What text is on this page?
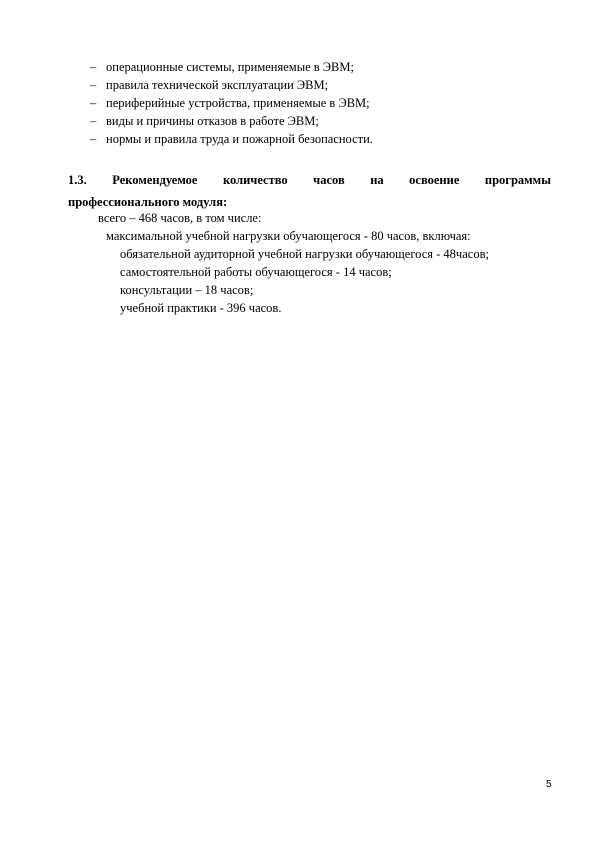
– операционные системы, применяемые в ЭВМ;
– правила технической эксплуатации ЭВМ;
– периферийные устройства, применяемые в ЭВМ;
– виды и причины отказов в работе ЭВМ;
– нормы и правила труда и пожарной безопасности.
1.3. Рекомендуемое количество часов на освоение программы
профессионального модуля:
всего – 468 часов, в том числе:
максимальной учебной нагрузки обучающегося - 80 часов, включая:
обязательной аудиторной учебной нагрузки обучающегося - 48часов;
самостоятельной работы обучающегося - 14 часов;
консультации – 18 часов;
учебной практики - 396 часов.
5
